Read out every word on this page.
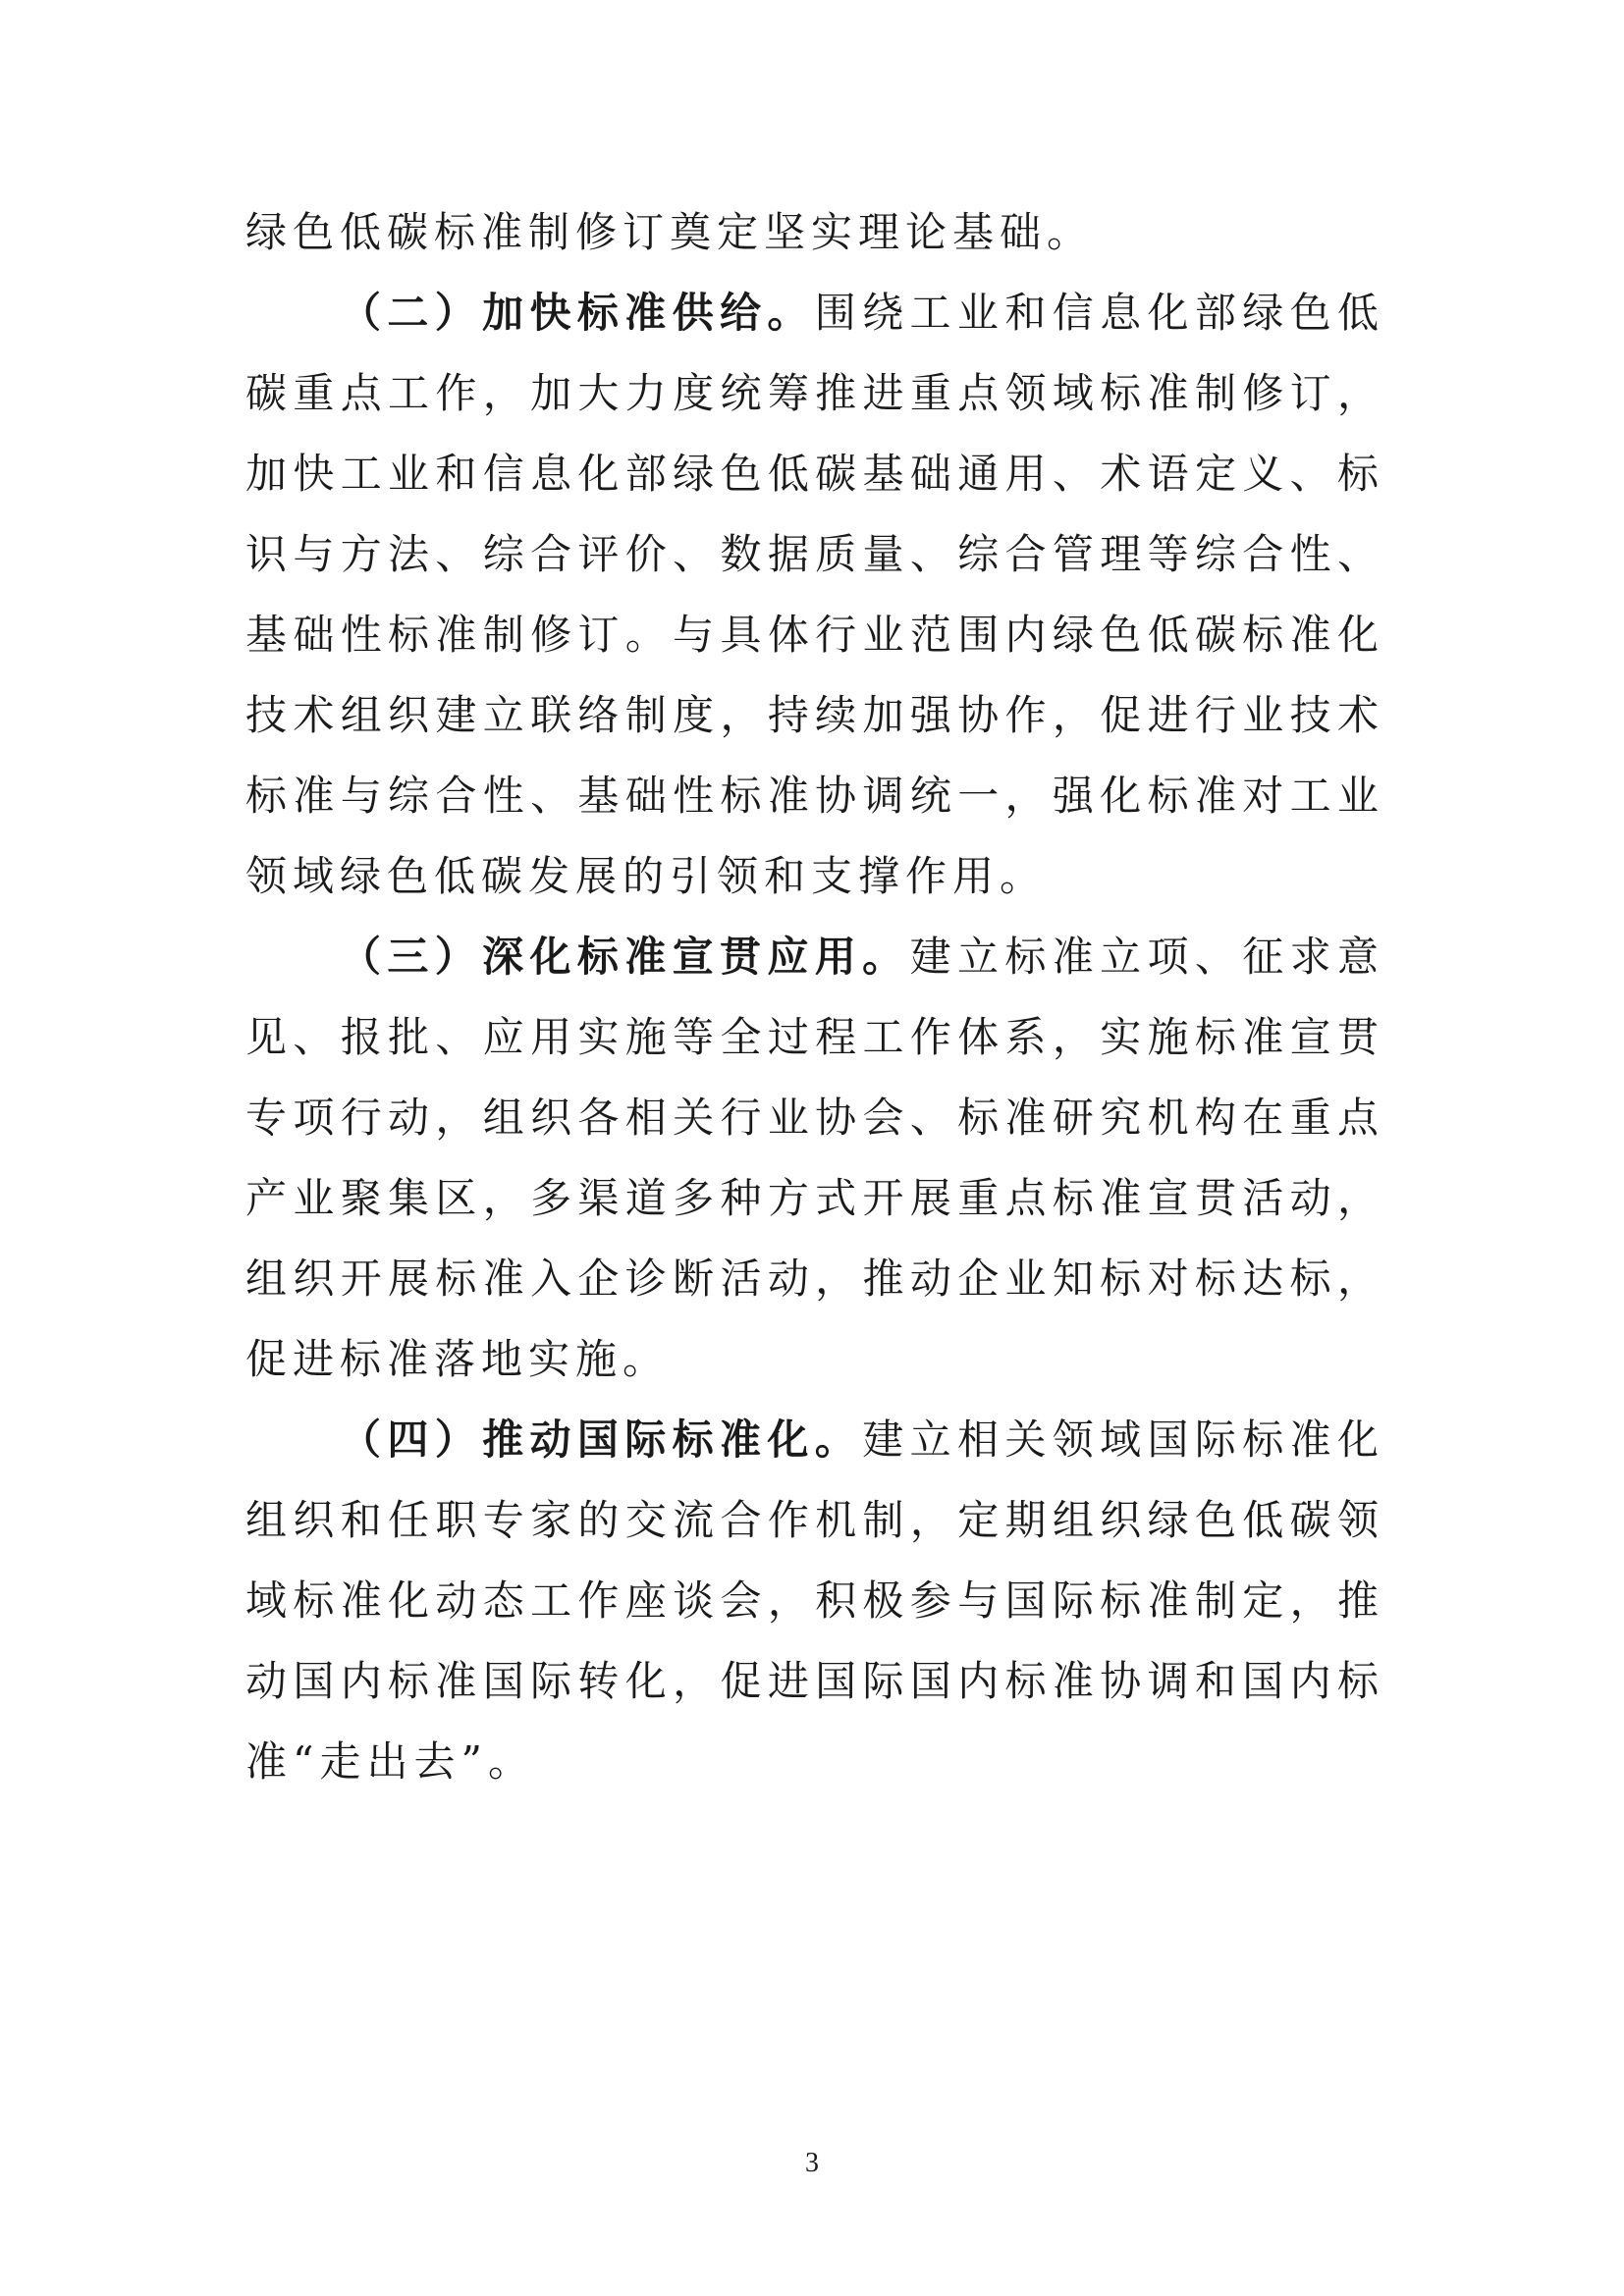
绿色低碳标准制修订奠定坚实理论基础。

（二）加快标准供给。围绕工业和信息化部绿色低碳重点工作，加大力度统筹推进重点领域标准制修订，加快工业和信息化部绿色低碳基础通用、术语定义、标识与方法、综合评价、数据质量、综合管理等综合性、基础性标准制修订。与具体行业范围内绿色低碳标准化技术组织建立联络制度，持续加强协作，促进行业技术标准与综合性、基础性标准协调统一，强化标准对工业领域绿色低碳发展的引领和支撑作用。

（三）深化标准宣贯应用。建立标准立项、征求意见、报批、应用实施等全过程工作体系，实施标准宣贯专项行动，组织各相关行业协会、标准研究机构在重点产业聚集区，多渠道多种方式开展重点标准宣贯活动，组织开展标准入企诊断活动，推动企业知标对标达标，促进标准落地实施。

（四）推动国际标准化。建立相关领域国际标准化组织和任职专家的交流合作机制，定期组织绿色低碳领域标准化动态工作座谈会，积极参与国际标准制定，推动国内标准国际转化，促进国际国内标准协调和国内标准“走出去”。

3
